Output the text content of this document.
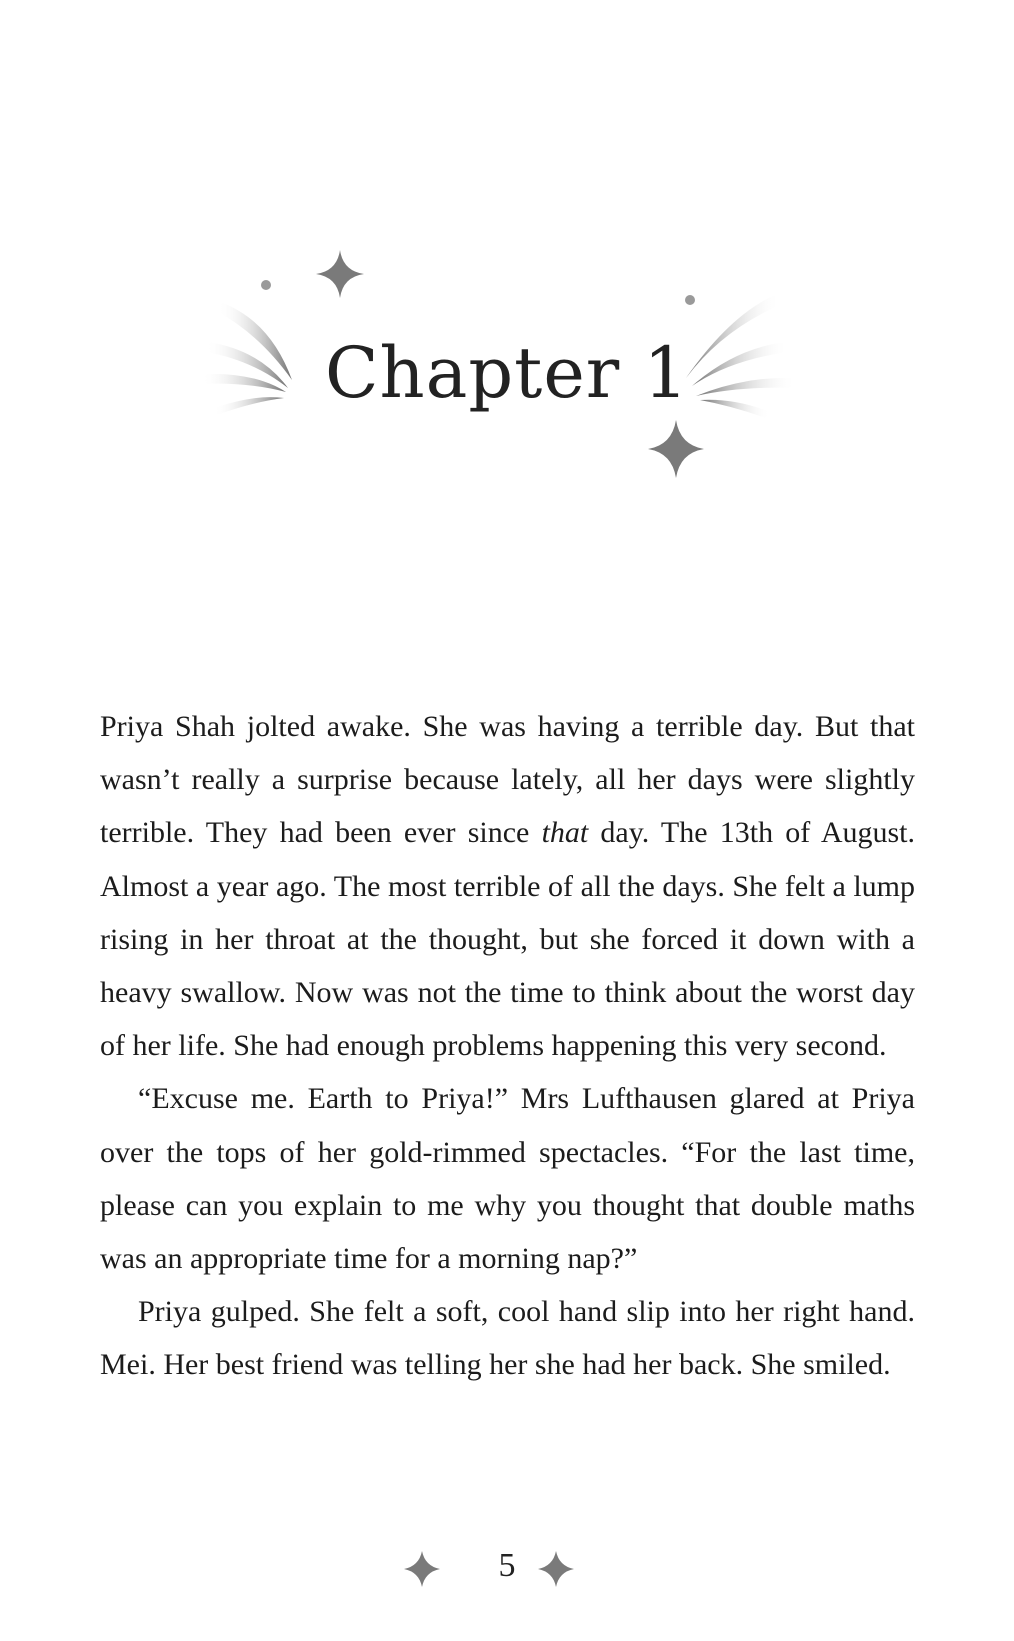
Chapter 1

Priya Shah jolted awake. She was having a terrible day. But that wasn’t really a surprise because lately, all her days were slightly terrible. They had been ever since that day. The 13th of August. Almost a year ago. The most terrible of all the days. She felt a lump rising in her throat at the thought, but she forced it down with a heavy swallow. Now was not the time to think about the worst day of her life. She had enough problems happening this very second.

“Excuse me. Earth to Priya!” Mrs Lufthausen glared at Priya over the tops of her gold-rimmed spectacles. “For the last time, please can you explain to me why you thought that double maths was an appropriate time for a morning nap?”

Priya gulped. She felt a soft, cool hand slip into her right hand. Mei. Her best friend was telling her she had her back. She smiled.

5
